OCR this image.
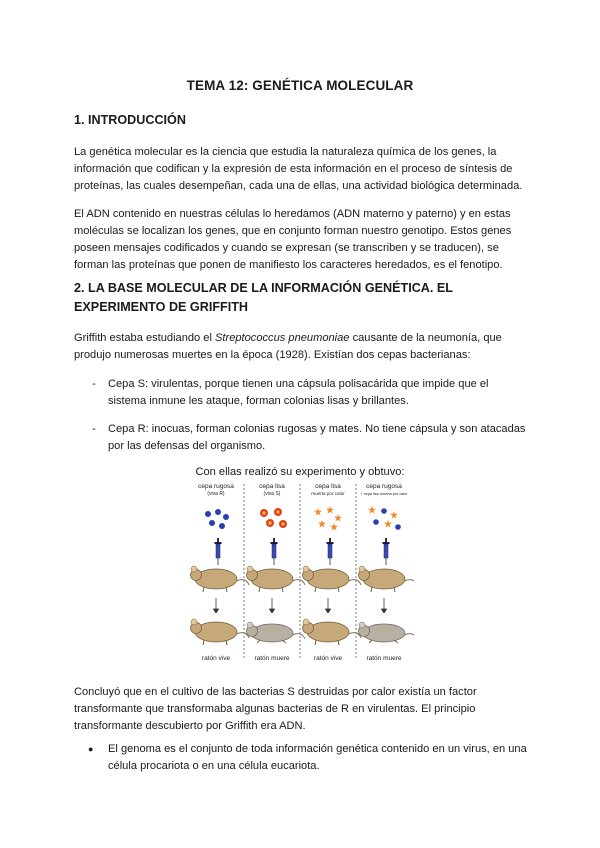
TEMA 12: GENÉTICA MOLECULAR
1. INTRODUCCIÓN

La genética molecular es la ciencia que estudia la naturaleza química de los genes, la

información que codifican y la expresión de esta información en el proceso de síntesis de

proteínas, las cuales desempeñan, cada una de ellas, una actividad biológica determinada.

El ADN contenido en nuestras células lo heredamos (ADN materno y paterno) y en estas

moléculas se localizan los genes, que en conjunto forman nuestro genotipo. Estos genes

poseen mensajes codificados y cuando se expresan (se transcriben y se traducen), se

forman las proteínas que ponen de manifiesto los caracteres heredados, es el fenotipo.

2. LA BASE MOLECULAR DE LA INFORMACIÓN GENÉTICA. EL
EXPERIMENTO DE GRIFFITH

Griffith estaba estudiando el Streptococcus pneumoniae causante de la neumonía, que

produjo numerosas muertes en la época (1928). Existían dos cepas bacterianas:

- Cepa S: virulentas, porque tienen una cápsula polisacárida que impide que el
sistema inmune les ataque, forman colonias lisas y brillantes.
- Cepa R: inocuas, forman colonias rugosas y mates. No tiene cápsula y son atacadas
por las defensas del organismo.
Con ellas realizó su experimento y obtuvo:
cepa rugosa
(viva R)
cepa lisa
(viva S)
cepa lisa
muerta por calor
cepa rugosa
+ cepa lisa muerta por calor
ratón vive	ratón muere	ratón vive	ratón muere

Concluyó que en el cultivo de las bacterias S destruidas por calor existía un factor

transformante que transformaba algunas bacterias de R en virulentas. El principio

transformante descubierto por Griffith era ADN.

● El genoma es el conjunto de toda información genética contenido en un virus, en una
célula procariota o en una célula eucariota.
